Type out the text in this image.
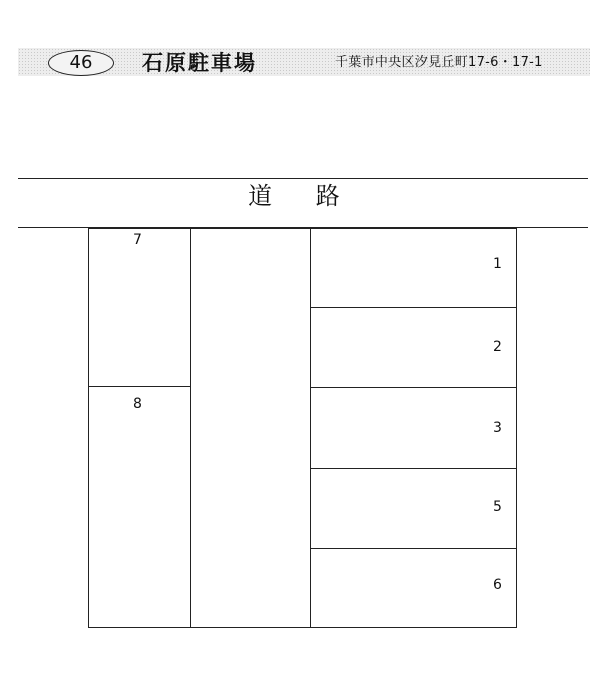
46	石原駐車場	千葉市中央区汐見丘町17-6・17-1
道 路
7
8
1
2
3
5
6
